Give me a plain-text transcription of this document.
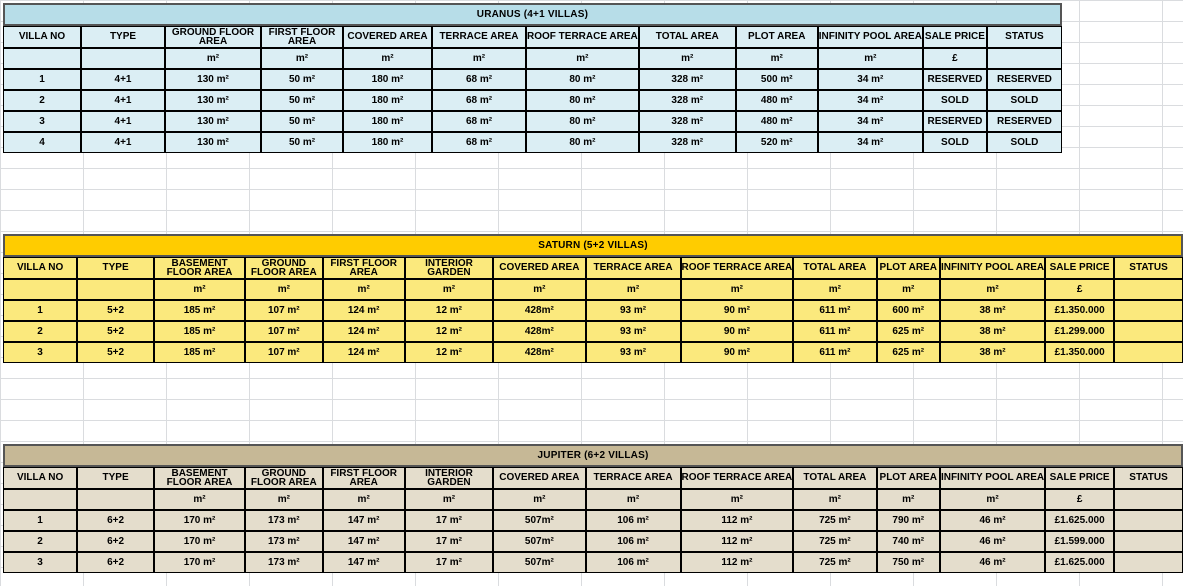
URANUS (4+1 VILLAS)											
VILLA NO	TYPE	GROUND FLOOR AREA	FIRST FLOOR AREA	COVERED AREA	TERRACE AREA	ROOF TERRACE AREA	TOTAL AREA	PLOT AREA	INFINITY POOL AREA	SALE PRICE	STATUS
		m²	m²	m²	m²	m²	m²	m²	m²	£	
1	4+1	130 m²	50 m²	180 m²	68 m²	80 m²	328 m²	500 m²	34 m²	RESERVED	RESERVED
2	4+1	130 m²	50 m²	180 m²	68 m²	80 m²	328 m²	480 m²	34 m²	SOLD	SOLD
3	4+1	130 m²	50 m²	180 m²	68 m²	80 m²	328 m²	480 m²	34 m²	RESERVED	RESERVED
4	4+1	130 m²	50 m²	180 m²	68 m²	80 m²	328 m²	520 m²	34 m²	SOLD	SOLD
SATURN (5+2 VILLAS)													
VILLA NO	TYPE	BASEMENT FLOOR AREA	GROUND FLOOR AREA	FIRST FLOOR AREA	INTERIOR GARDEN	COVERED AREA	TERRACE AREA	ROOF TERRACE AREA	TOTAL AREA	PLOT AREA	INFINITY POOL AREA	SALE PRICE	STATUS
		m²	m²	m²	m²	m²	m²	m²	m²	m²	m²	£	
1	5+2	185 m²	107 m²	124 m²	12 m²	428m²	93 m²	90 m²	611 m²	600 m²	38 m²	£1.350.000	
2	5+2	185 m²	107 m²	124 m²	12 m²	428m²	93 m²	90 m²	611 m²	625 m²	38 m²	£1.299.000	
3	5+2	185 m²	107 m²	124 m²	12 m²	428m²	93 m²	90 m²	611 m²	625 m²	38 m²	£1.350.000	
JUPITER (6+2 VILLAS)													
VILLA NO	TYPE	BASEMENT FLOOR AREA	GROUND FLOOR AREA	FIRST FLOOR AREA	INTERIOR GARDEN	COVERED AREA	TERRACE AREA	ROOF TERRACE AREA	TOTAL AREA	PLOT AREA	INFINITY POOL AREA	SALE PRICE	STATUS
		m²	m²	m²	m²	m²	m²	m²	m²	m²	m²	£	
1	6+2	170 m²	173 m²	147 m²	17 m²	507m²	106 m²	112 m²	725 m²	790 m²	46 m²	£1.625.000	
2	6+2	170 m²	173 m²	147 m²	17 m²	507m²	106 m²	112 m²	725 m²	740 m²	46 m²	£1.599.000	
3	6+2	170 m²	173 m²	147 m²	17 m²	507m²	106 m²	112 m²	725 m²	750 m²	46 m²	£1.625.000	
